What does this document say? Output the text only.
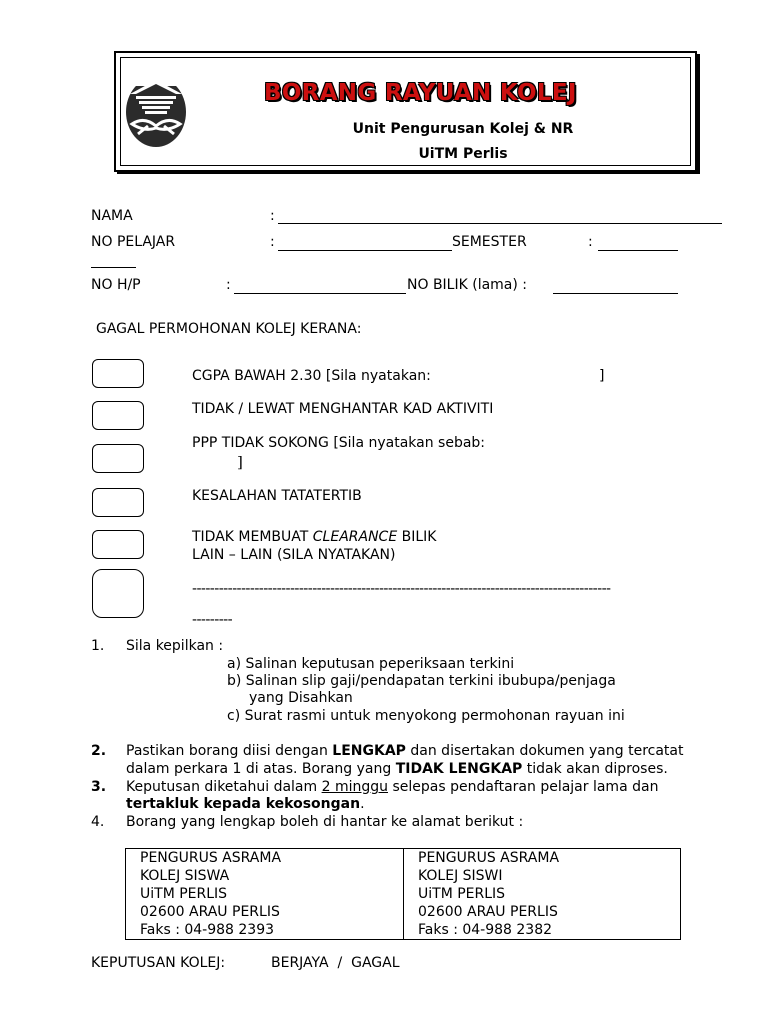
BORANG RAYUAN KOLEJ
Unit Pengurusan Kolej & NR
UiTM Perlis
NAMA	:
NO PELAJAR	:	SEMESTER	:
NO H/P	:	NO BILIK (lama) :
GAGAL PERMOHONAN KOLEJ KERANA:
CGPA BAWAH 2.30 [Sila nyatakan:	]
TIDAK / LEWAT MENGHANTAR KAD AKTIVITI
PPP TIDAK SOKONG [Sila nyatakan sebab:
]
KESALAHAN TATATERTIB
TIDAK MEMBUAT CLEARANCE BILIK
LAIN – LAIN (SILA NYATAKAN)
----------------------------------------------------------------------------------------------
---------
1. Sila kepilkan :
a) Salinan keputusan peperiksaan terkini
b) Salinan slip gaji/pendapatan terkini ibubupa/penjaga
yang Disahkan
c) Surat rasmi untuk menyokong permohonan rayuan ini
2. Pastikan borang diisi dengan LENGKAP dan disertakan dokumen yang tercatat
dalam perkara 1 di atas. Borang yang TIDAK LENGKAP tidak akan diproses.
3. Keputusan diketahui dalam 2 minggu selepas pendaftaran pelajar lama dan
tertakluk kepada kekosongan.
4. Borang yang lengkap boleh di hantar ke alamat berikut :
PENGURUS ASRAMA
KOLEJ SISWA
UiTM PERLIS
02600 ARAU PERLIS
Faks : 04-988 2393

PENGURUS ASRAMA
KOLEJ SISWI
UiTM PERLIS
02600 ARAU PERLIS
Faks : 04-988 2382
KEPUTUSAN KOLEJ:	BERJAYA  /  GAGAL
